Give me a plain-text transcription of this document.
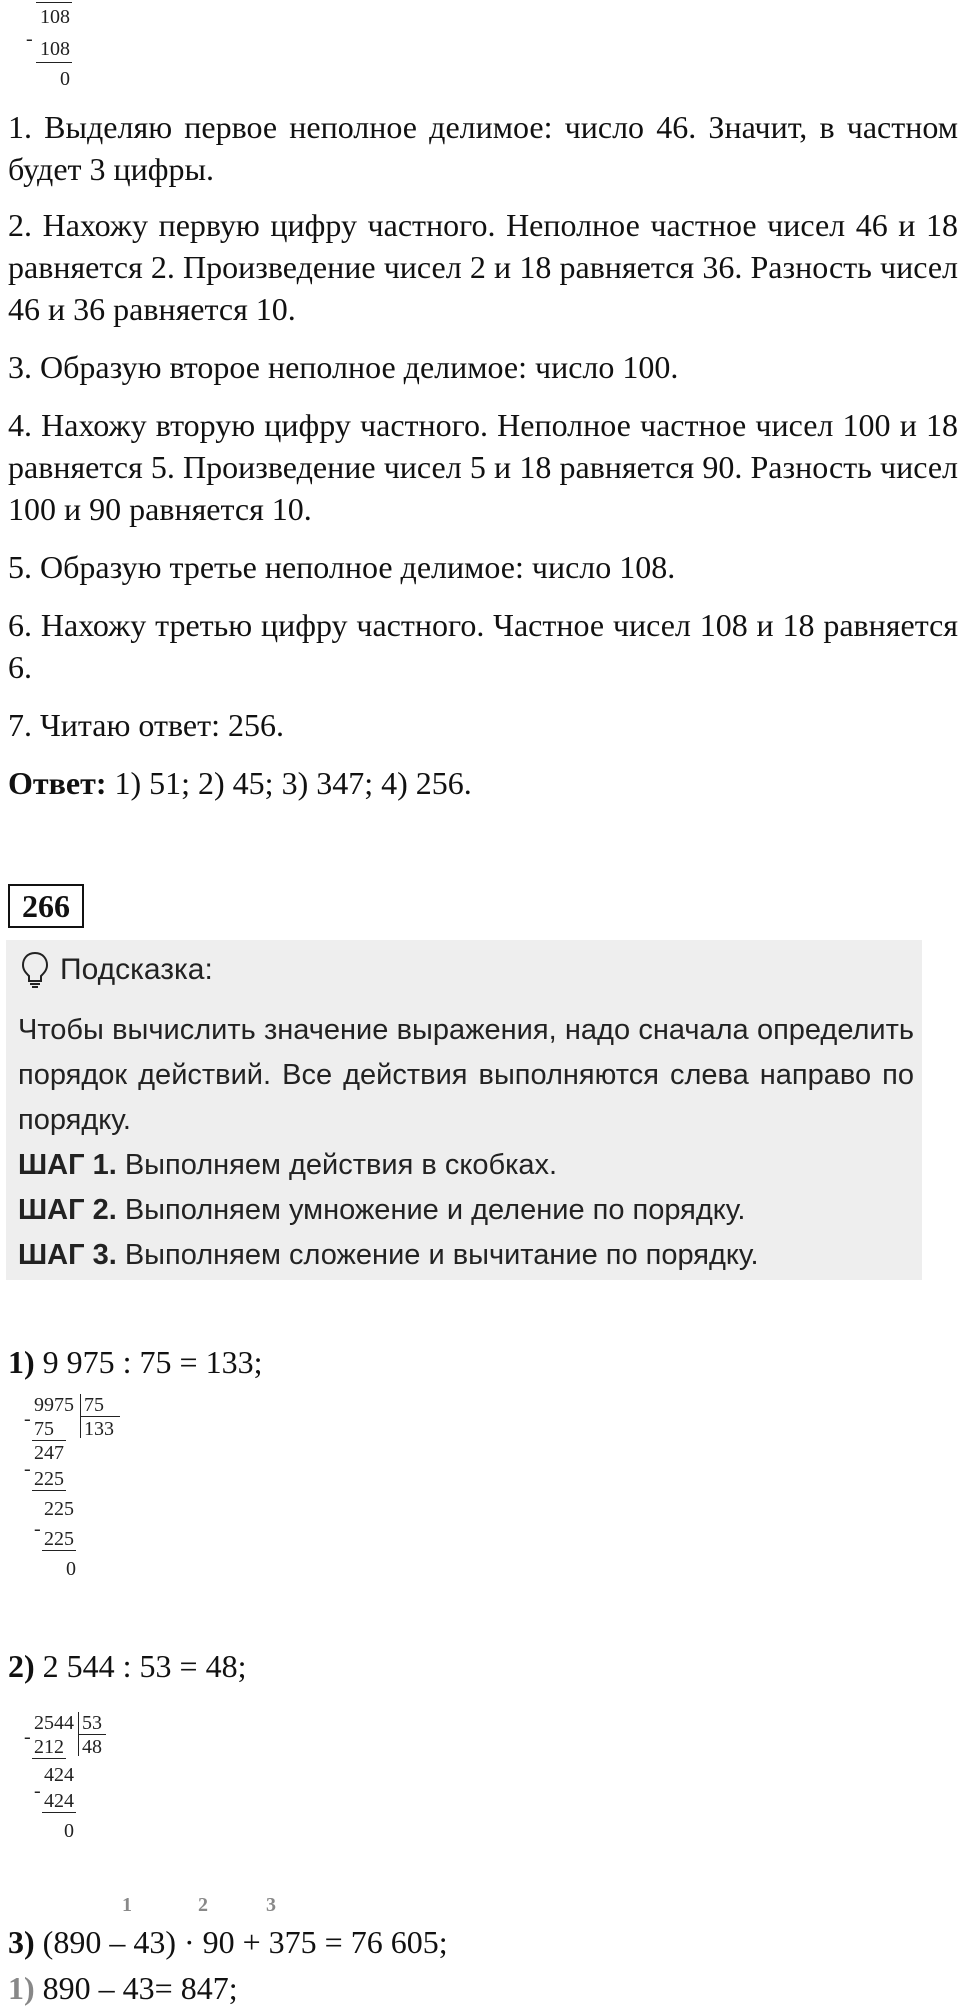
108
- 108
0

1. Выделяю первое неполное делимое: число 46. Значит, в частном будет 3 цифры.

2. Нахожу первую цифру частного. Неполное частное чисел 46 и 18 равняется 2. Произведение чисел 2 и 18 равняется 36. Разность чисел 46 и 36 равняется 10.

3. Образую второе неполное делимое: число 100.

4. Нахожу вторую цифру частного. Неполное частное чисел 100 и 18 равняется 5. Произведение чисел 5 и 18 равняется 90. Разность чисел 100 и 90 равняется 10.

5. Образую третье неполное делимое: число 108.

6. Нахожу третью цифру частного. Частное чисел 108 и 18 равняется 6.

7. Читаю ответ: 256.

Ответ: 1) 51; 2) 45; 3) 347; 4) 256.

266
Подсказка:
Чтобы вычислить значение выражения, надо сначала определить порядок действий. Все действия выполняются слева направо по порядку.
ШАГ 1. Выполняем действия в скобках.
ШАГ 2. Выполняем умножение и деление по порядку.
ШАГ 3. Выполняем сложение и вычитание по порядку.
1) 9 975 : 75 = 133;
9975 75
133
- 75
247
- 225
225
- 225
0
2) 2 544 : 53 = 48;
2544 53
48
- 212
424
- 424
0
1	2	3
3) (890 – 43) · 90 + 375 = 76 605;
1) 890 – 43= 847;
